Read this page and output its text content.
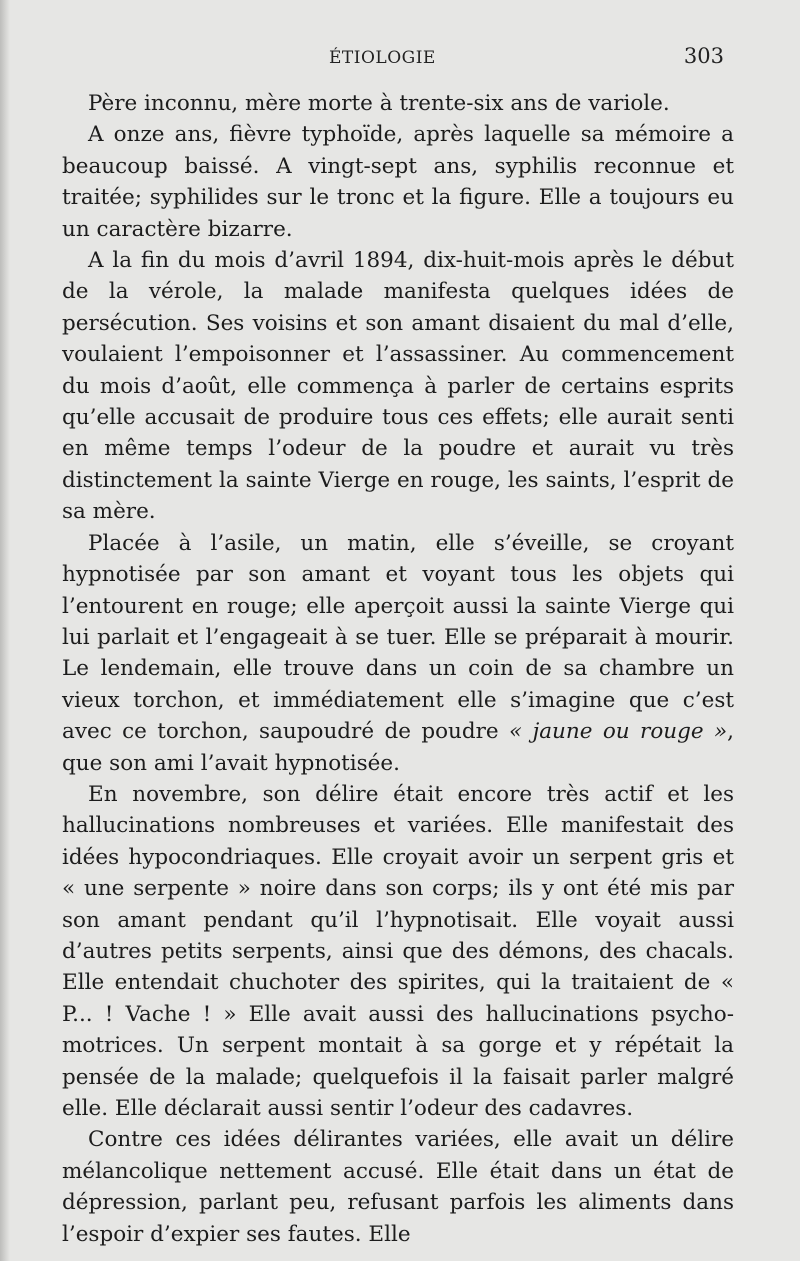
ÉTIOLOGIE	303

Père inconnu, mère morte à trente-six ans de variole.

A onze ans, fièvre typhoïde, après laquelle sa mémoire a beaucoup baissé. A vingt-sept ans, syphilis reconnue et traitée; syphilides sur le tronc et la figure. Elle a toujours eu un caractère bizarre.

A la fin du mois d’avril 1894, dix-huit-mois après le début de la vérole, la malade manifesta quelques idées de persécution. Ses voisins et son amant disaient du mal d’elle, voulaient l’empoisonner et l’assassiner. Au commencement du mois d’août, elle commença à parler de certains esprits qu’elle accusait de produire tous ces effets; elle aurait senti en même temps l’odeur de la poudre et aurait vu très distinctement la sainte Vierge en rouge, les saints, l’esprit de sa mère.

Placée à l’asile, un matin, elle s’éveille, se croyant hypnotisée par son amant et voyant tous les objets qui l’entourent en rouge; elle aperçoit aussi la sainte Vierge qui lui parlait et l’engageait à se tuer. Elle se préparait à mourir. Le lendemain, elle trouve dans un coin de sa chambre un vieux torchon, et immédiatement elle s’imagine que c’est avec ce torchon, saupoudré de poudre « jaune ou rouge », que son ami l’avait hypnotisée.

En novembre, son délire était encore très actif et les hallucinations nombreuses et variées. Elle manifestait des idées hypocondriaques. Elle croyait avoir un serpent gris et « une serpente » noire dans son corps; ils y ont été mis par son amant pendant qu’il l’hypnotisait. Elle voyait aussi d’autres petits serpents, ainsi que des démons, des chacals. Elle entendait chuchoter des spirites, qui la traitaient de « P... ! Vache ! » Elle avait aussi des hallucinations psycho-motrices. Un serpent montait à sa gorge et y répétait la pensée de la malade; quelquefois il la faisait parler malgré elle. Elle déclarait aussi sentir l’odeur des cadavres.

Contre ces idées délirantes variées, elle avait un délire mélancolique nettement accusé. Elle était dans un état de dépression, parlant peu, refusant parfois les aliments dans l’espoir d’expier ses fautes. Elle
